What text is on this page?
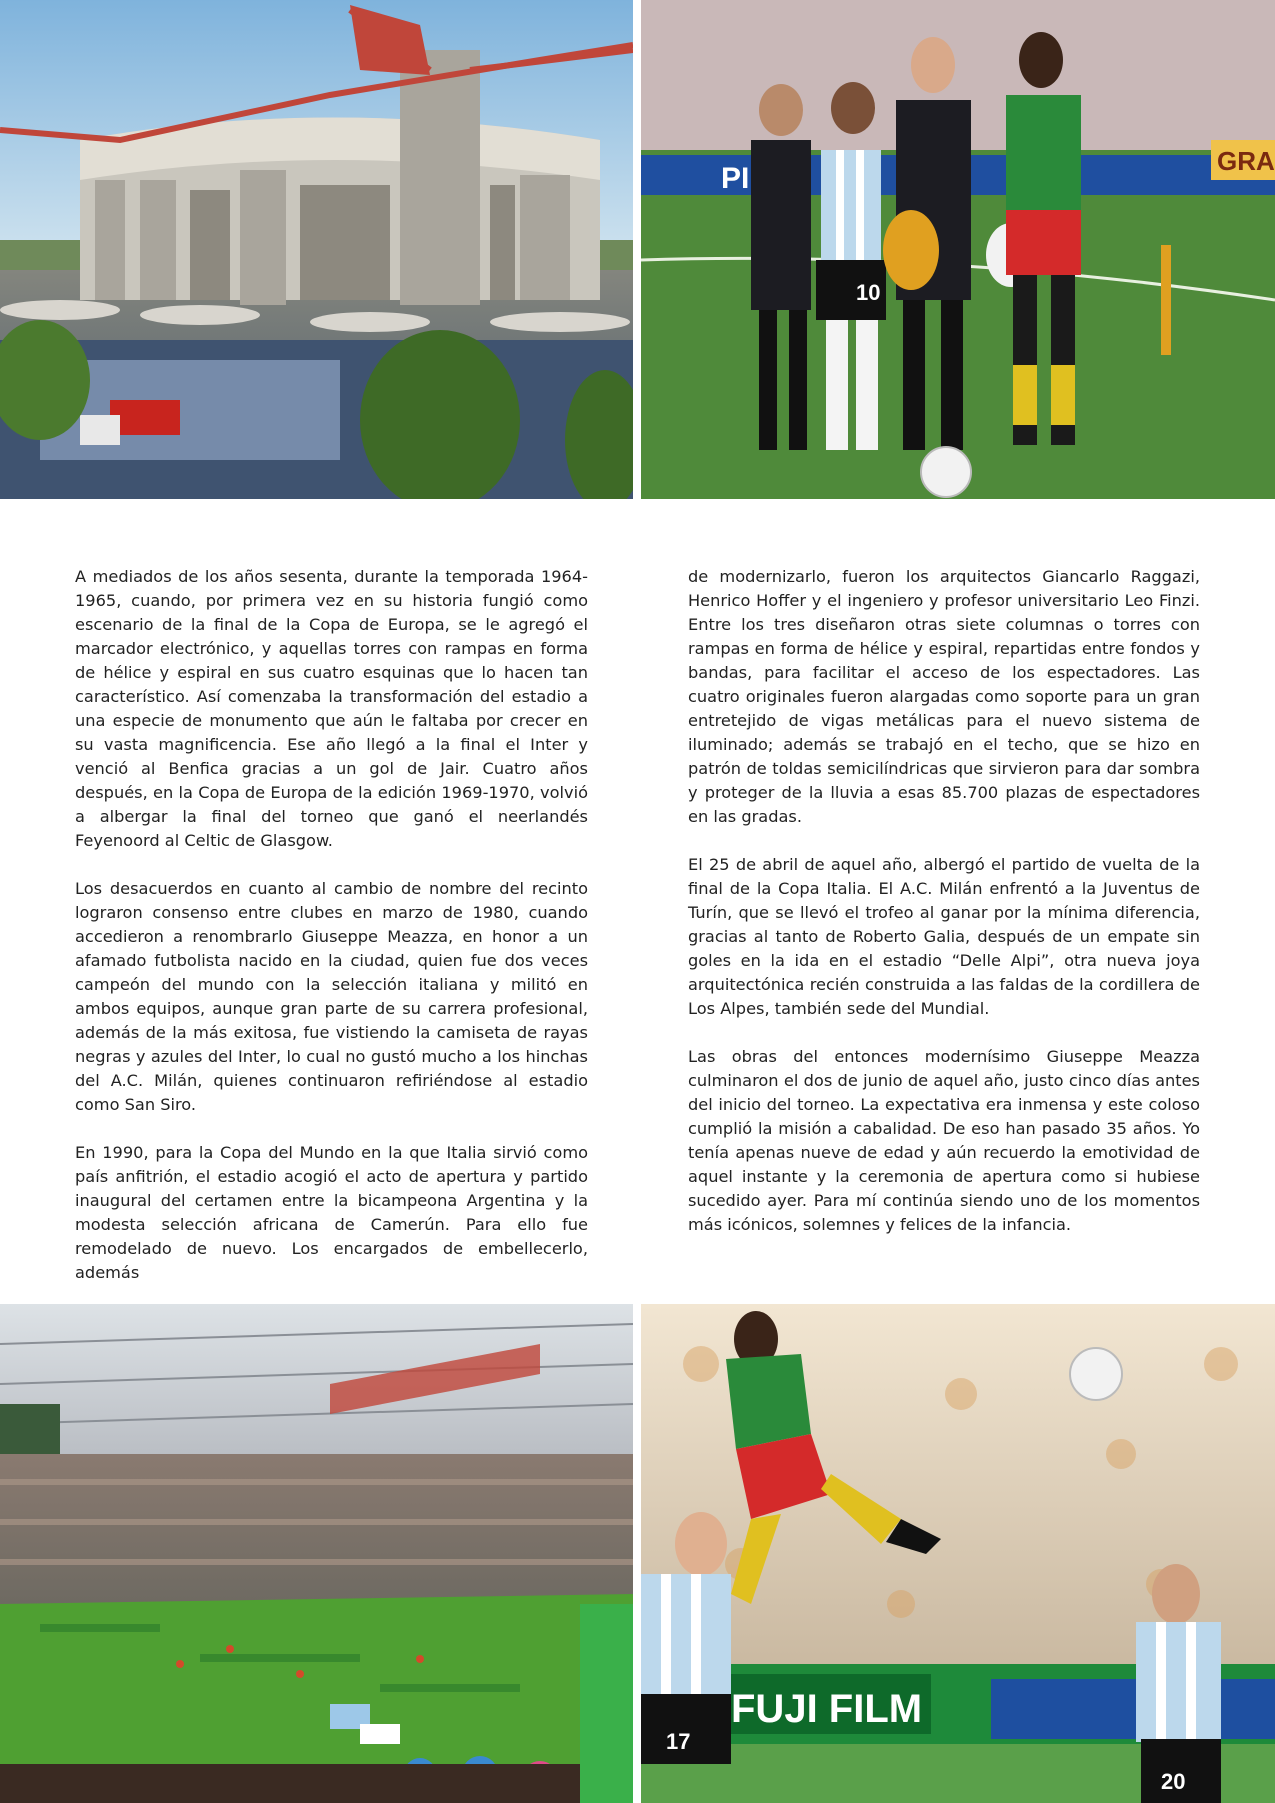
PI
GRA
10

A mediados de los años sesenta, durante la temporada 1964-1965, cuando, por primera vez en su historia fungió como escenario de la final de la Copa de Europa, se le agregó el marcador electrónico, y aquellas torres con rampas en forma de hélice y espiral en sus cuatro esquinas que lo hacen tan característico. Así comenzaba la transformación del estadio a una especie de monumento que aún le faltaba por crecer en su vasta magnificencia. Ese año llegó a la final el Inter y venció al Benfica gracias a un gol de Jair. Cuatro años después, en la Copa de Europa de la edición 1969-1970, volvió a albergar la final del torneo que ganó el neerlandés Feyenoord al Celtic de Glasgow.

Los desacuerdos en cuanto al cambio de nombre del recinto lograron consenso entre clubes en marzo de 1980, cuando accedieron a renombrarlo Giuseppe Meazza, en honor a un afamado futbolista nacido en la ciudad, quien fue dos veces campeón del mundo con la selección italiana y militó en ambos equipos, aunque gran parte de su carrera profesional, además de la más exitosa, fue vistiendo la camiseta de rayas negras y azules del Inter, lo cual no gustó mucho a los hinchas del A.C. Milán, quienes continuaron refiriéndose al estadio como San Siro.

En 1990, para la Copa del Mundo en la que Italia sirvió como país anfitrión, el estadio acogió el acto de apertura y partido inaugural del certamen entre la bicampeona Argentina y la modesta selección africana de Camerún. Para ello fue remodelado de nuevo. Los encargados de embellecerlo, además

de modernizarlo, fueron los arquitectos Giancarlo Raggazi, Henrico Hoffer y el ingeniero y profesor universitario Leo Finzi. Entre los tres diseñaron otras siete columnas o torres con rampas en forma de hélice y espiral, repartidas entre fondos y bandas, para facilitar el acceso de los espectadores. Las cuatro originales fueron alargadas como soporte para un gran entretejido de vigas metálicas para el nuevo sistema de iluminado; además se trabajó en el techo, que se hizo en patrón de toldas semicilíndricas que sirvieron para dar sombra y proteger de la lluvia a esas 85.700 plazas de espectadores en las gradas.

El 25 de abril de aquel año, albergó el partido de vuelta de la final de la Copa Italia. El A.C. Milán enfrentó a la Juventus de Turín, que se llevó el trofeo al ganar por la mínima diferencia, gracias al tanto de Roberto Galia, después de un empate sin goles en la ida en el estadio “Delle Alpi”, otra nueva joya arquitectónica recién construida a las faldas de la cordillera de Los Alpes, también sede del Mundial.

Las obras del entonces modernísimo Giuseppe Meazza culminaron el dos de junio de aquel año, justo cinco días antes del inicio del torneo. La expectativa era inmensa y este coloso cumplió la misión a cabalidad. De eso han pasado 35 años. Yo tenía apenas nueve de edad y aún recuerdo la emotividad de aquel instante y la ceremonia de apertura como si hubiese sucedido ayer. Para mí continúa siendo uno de los momentos más icónicos, solemnes y felices de la infancia.

FUJI FILM
17
20
